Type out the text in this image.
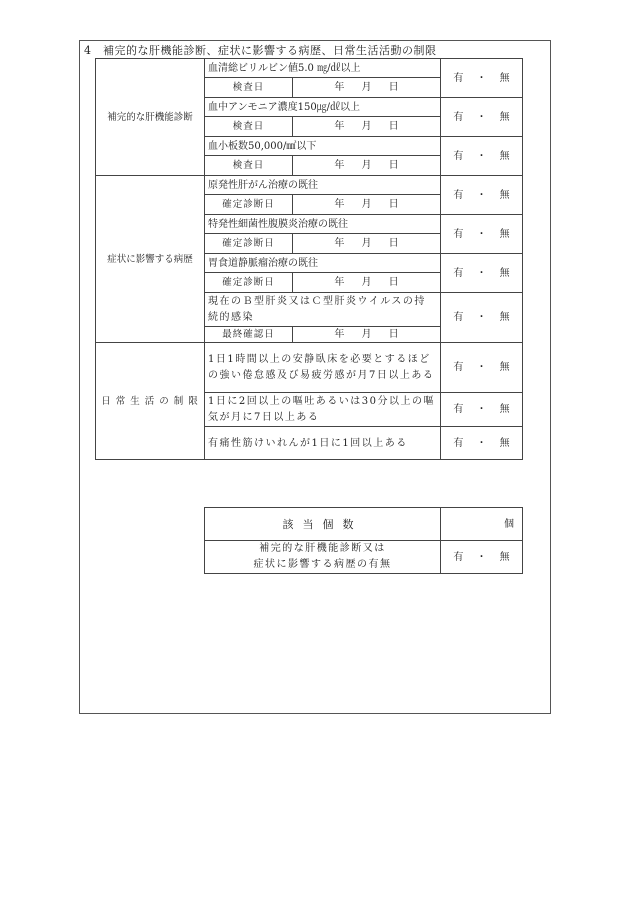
4　補完的な肝機能診断、症状に影響する病歴、日常生活活動の制限
補完的な肝機能診断	血清総ビリルビン値5.0 ㎎/㎗以上		有 ・ 無
	検査日	年 月 日	
	血中アンモニア濃度150㎍/㎗以上		有 ・ 無
	検査日	年 月 日	
	血小板数50,000/㎣以下		有 ・ 無
	検査日	年 月 日	
症状に影響する病歴	原発性肝がん治療の既往		有 ・ 無
	確定診断日	年 月 日	
	特発性細菌性腹膜炎治療の既往		有 ・ 無
	確定診断日	年 月 日	
	胃食道静脈瘤治療の既往		有 ・ 無
	確定診断日	年 月 日	
	現在のＢ型肝炎又はＣ型肝炎ウイルスの持続的感染		有 ・ 無
	最終確認日	年 月 日	
日 常 生 活 の 制 限	1日1時間以上の安静臥床を必要とするほどの強い倦怠感及び易疲労感が月7日以上ある		有 ・ 無
	1日に2回以上の嘔吐あるいは30分以上の嘔気が月に7日以上ある		有 ・ 無
	有痛性筋けいれんが1日に1回以上ある		有 ・ 無
該当個数	個

補完的な肝機能診断又は
症状に影響する病歴の有無	有 ・ 無
